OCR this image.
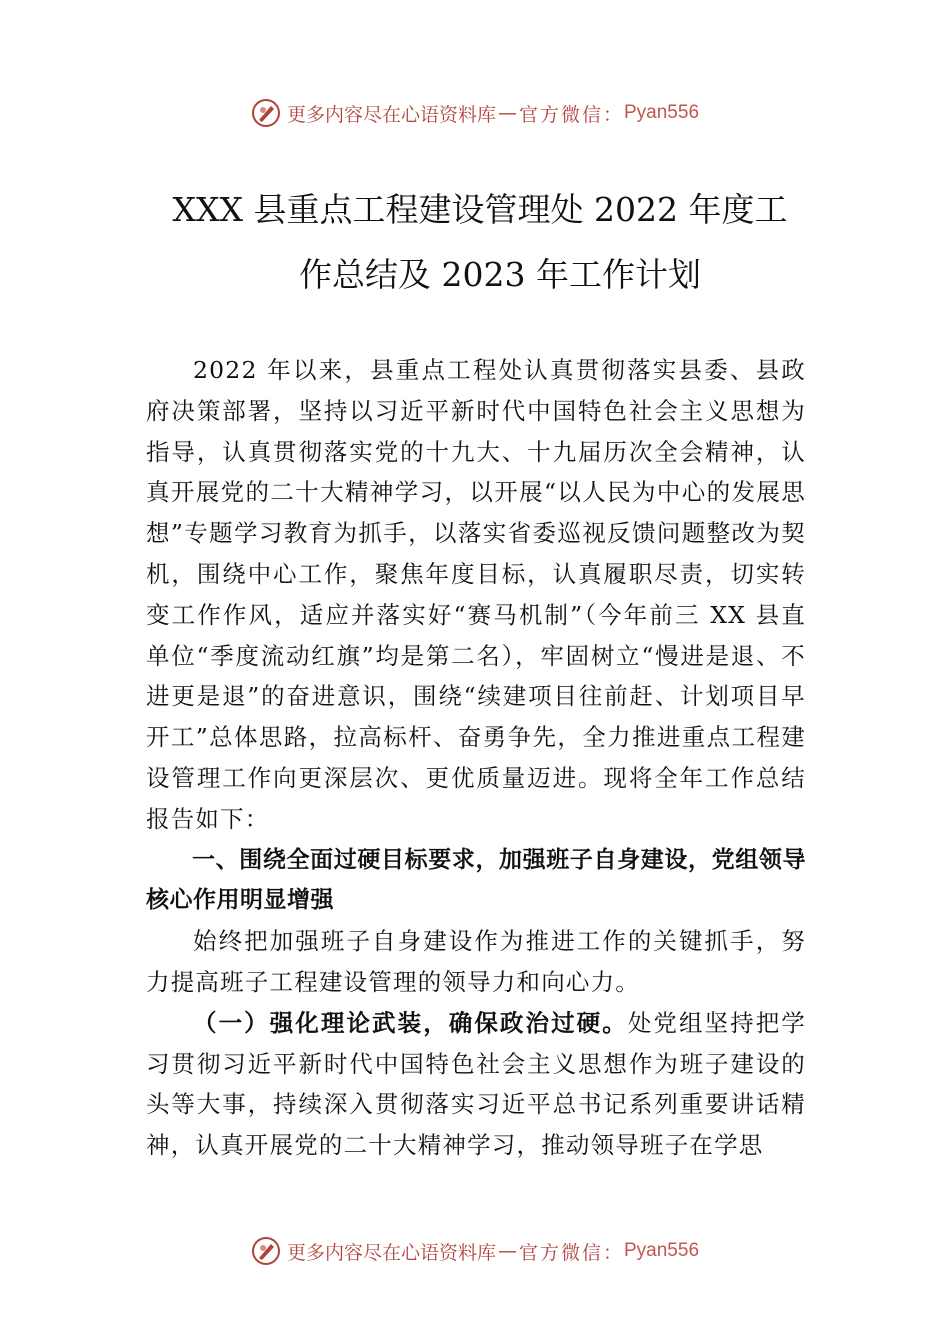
更多内容尽在心语资料库 — 官方微信： Pyan556
XXX 县重点工程建设管理处 2022 年度工
作总结及 2023 年工作计划

2022 年以来，县重点工程处认真贯彻落实县委、县政府决策部署，坚持以习近平新时代中国特色社会主义思想为指导，认真贯彻落实党的十九大、十九届历次全会精神，认真开展党的二十大精神学习，以开展“以人民为中心的发展思想”专题学习教育为抓手，以落实省委巡视反馈问题整改为契机，围绕中心工作，聚焦年度目标，认真履职尽责，切实转变工作作风，适应并落实好“赛马机制”（今年前三 XX 县直单位“季度流动红旗”均是第二名），牢固树立“慢进是退、不进更是退”的奋进意识，围绕“续建项目往前赶、计划项目早开工”总体思路，拉高标杆、奋勇争先，全力推进重点工程建设管理工作向更深层次、更优质量迈进。现将全年工作总结报告如下：

一、围绕全面过硬目标要求，加强班子自身建设，党组领导核心作用明显增强

始终把加强班子自身建设作为推进工作的关键抓手，努力提高班子工程建设管理的领导力和向心力。

（一）强化理论武装，确保政治过硬。处党组坚持把学习贯彻习近平新时代中国特色社会主义思想作为班子建设的头等大事，持续深入贯彻落实习近平总书记系列重要讲话精神，认真开展党的二十大精神学习，推动领导班子在学思

更多内容尽在心语资料库 — 官方微信： Pyan556
